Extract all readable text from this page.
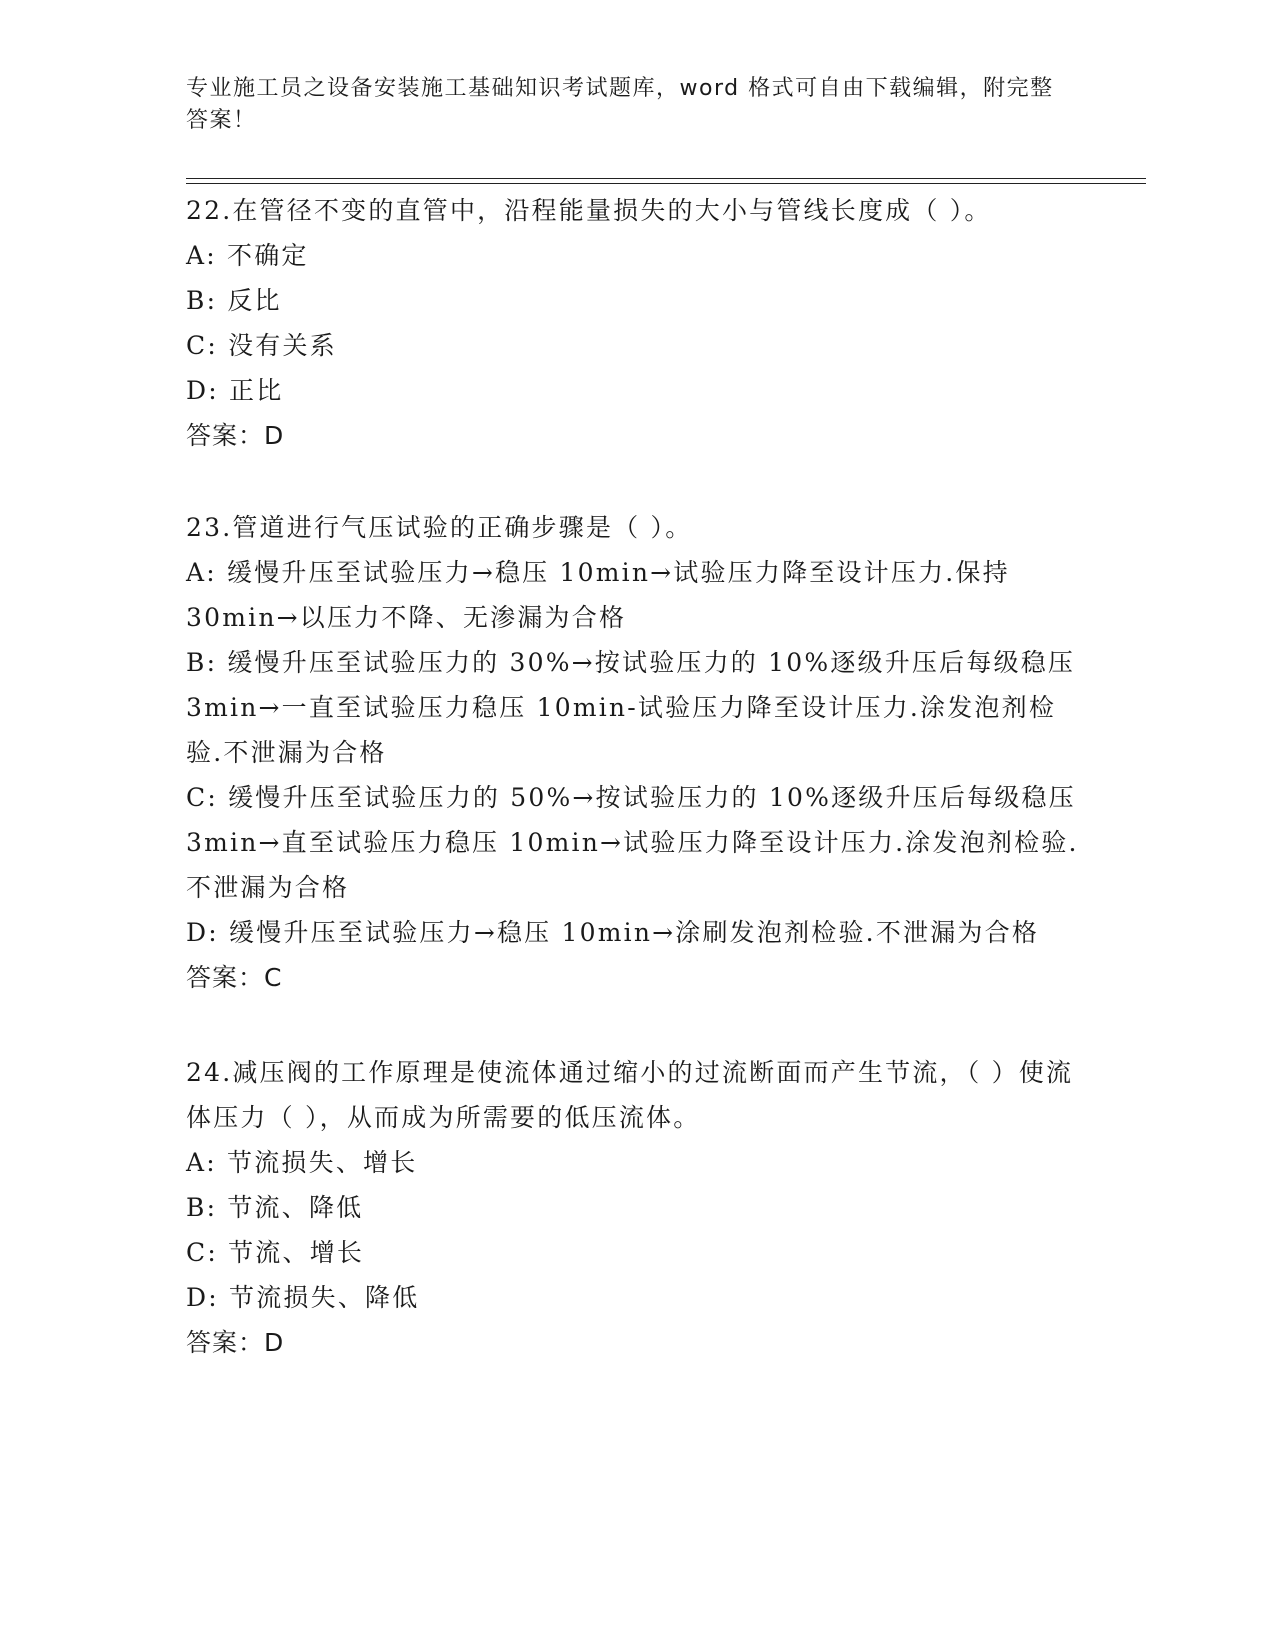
专业施工员之设备安装施工基础知识考试题库，word 格式可自由下载编辑，附完整答案！
22.在管径不变的直管中，沿程能量损失的大小与管线长度成（ ）。
A: 不确定
B: 反比
C: 没有关系
D: 正比
答案：D
23.管道进行气压试验的正确步骤是（ ）。
A: 缓慢升压至试验压力→稳压 10min→试验压力降至设计压力.保持30min→以压力不降、无渗漏为合格
B: 缓慢升压至试验压力的 30%→按试验压力的 10%逐级升压后每级稳压 3min→一直至试验压力稳压 10min-试验压力降至设计压力.涂发泡剂检验.不泄漏为合格
C: 缓慢升压至试验压力的 50%→按试验压力的 10%逐级升压后每级稳压 3min→直至试验压力稳压 10min→试验压力降至设计压力.涂发泡剂检验.不泄漏为合格
D: 缓慢升压至试验压力→稳压 10min→涂刷发泡剂检验.不泄漏为合格
答案：C
24.减压阀的工作原理是使流体通过缩小的过流断面而产生节流，（ ）使流体压力（ ），从而成为所需要的低压流体。
A: 节流损失、增长
B: 节流、降低
C: 节流、增长
D: 节流损失、降低
答案：D
